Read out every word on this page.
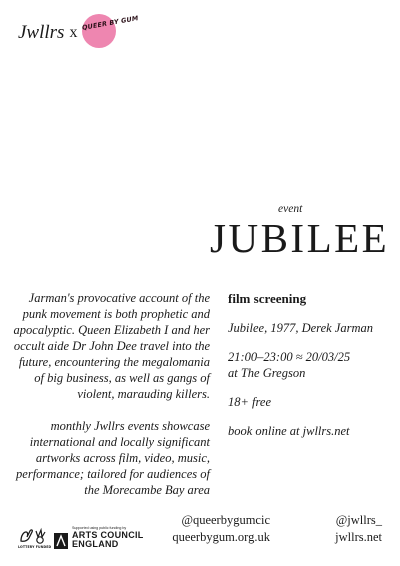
Jwllrs x
QUEER BY GUM
event
JUBILEE

Jarman's provocative account of the punk movement is both prophetic and apocalyptic. Queen Elizabeth I and her occult aide Dr John Dee travel into the future, encountering the megalomania of big business, as well as gangs of violent, marauding killers.

monthly Jwllrs events showcase international and locally significant artworks across film, video, music, performance; tailored for audiences of the Morecambe Bay area

film screening

Jubilee, 1977, Derek Jarman

21:00–23:00 ≈ 20/03/25

at The Gregson

18+ free

book online at jwllrs.net

LOTTERY FUNDED
Supported using public funding by
ARTS COUNCIL
ENGLAND
@queerbygumcic
queerbygum.org.uk
@jwllrs_
jwllrs.net
